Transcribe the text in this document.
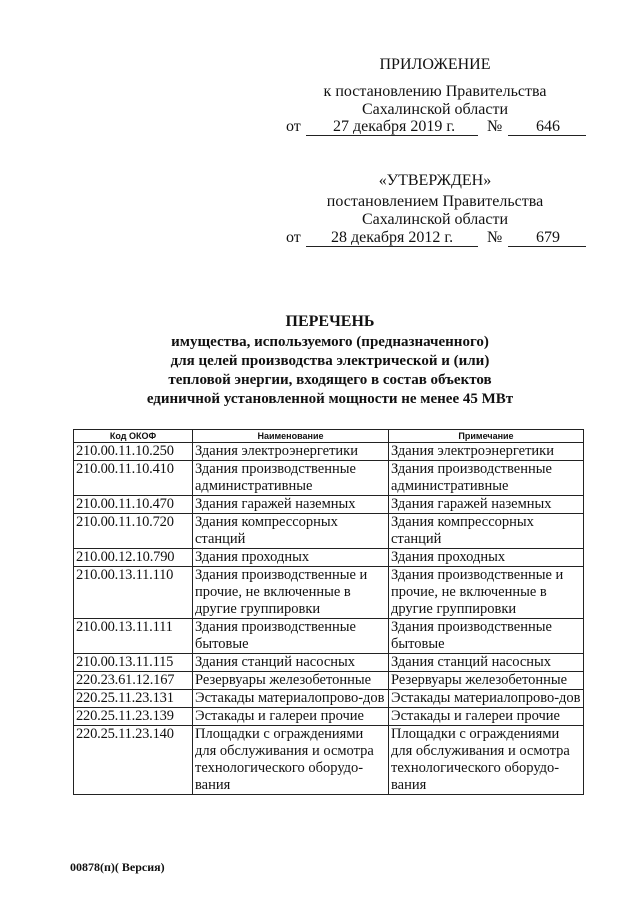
ПРИЛОЖЕНИЕ
к постановлению Правительства
Сахалинской области
от 27 декабря 2019 г. № 646
«УТВЕРЖДЕН»
постановлением Правительства
Сахалинской области
от 28 декабря 2012 г. № 679
ПЕРЕЧЕНЬ
имущества, используемого (предназначенного)
для целей производства электрической и (или)
тепловой энергии, входящего в состав объектов
единичной установленной мощности не менее 45 МВт
Код ОКОФ	Наименование	Примечание
210.00.11.10.250	Здания электроэнергетики	Здания электроэнергетики
210.00.11.10.410	Здания производственные административные	Здания производственные административные
210.00.11.10.470	Здания гаражей наземных	Здания гаражей наземных
210.00.11.10.720	Здания компрессорных станций	Здания компрессорных станций
210.00.12.10.790	Здания проходных	Здания проходных
210.00.13.11.110	Здания производственные и прочие, не включенные в другие группировки	Здания производственные и прочие, не включенные в другие группировки
210.00.13.11.111	Здания производственные бытовые	Здания производственные бытовые
210.00.13.11.115	Здания станций насосных	Здания станций насосных
220.23.61.12.167	Резервуары железобетонные	Резервуары железобетонные
220.25.11.23.131	Эстакады материалопрово-дов	Эстакады материалопрово-дов
220.25.11.23.139	Эстакады и галереи прочие	Эстакады и галереи прочие
220.25.11.23.140	Площадки с ограждениями для обслуживания и осмотра технологического оборудо-вания	Площадки с ограждениями для обслуживания и осмотра технологического оборудо-вания
00878(п)( Версия)
